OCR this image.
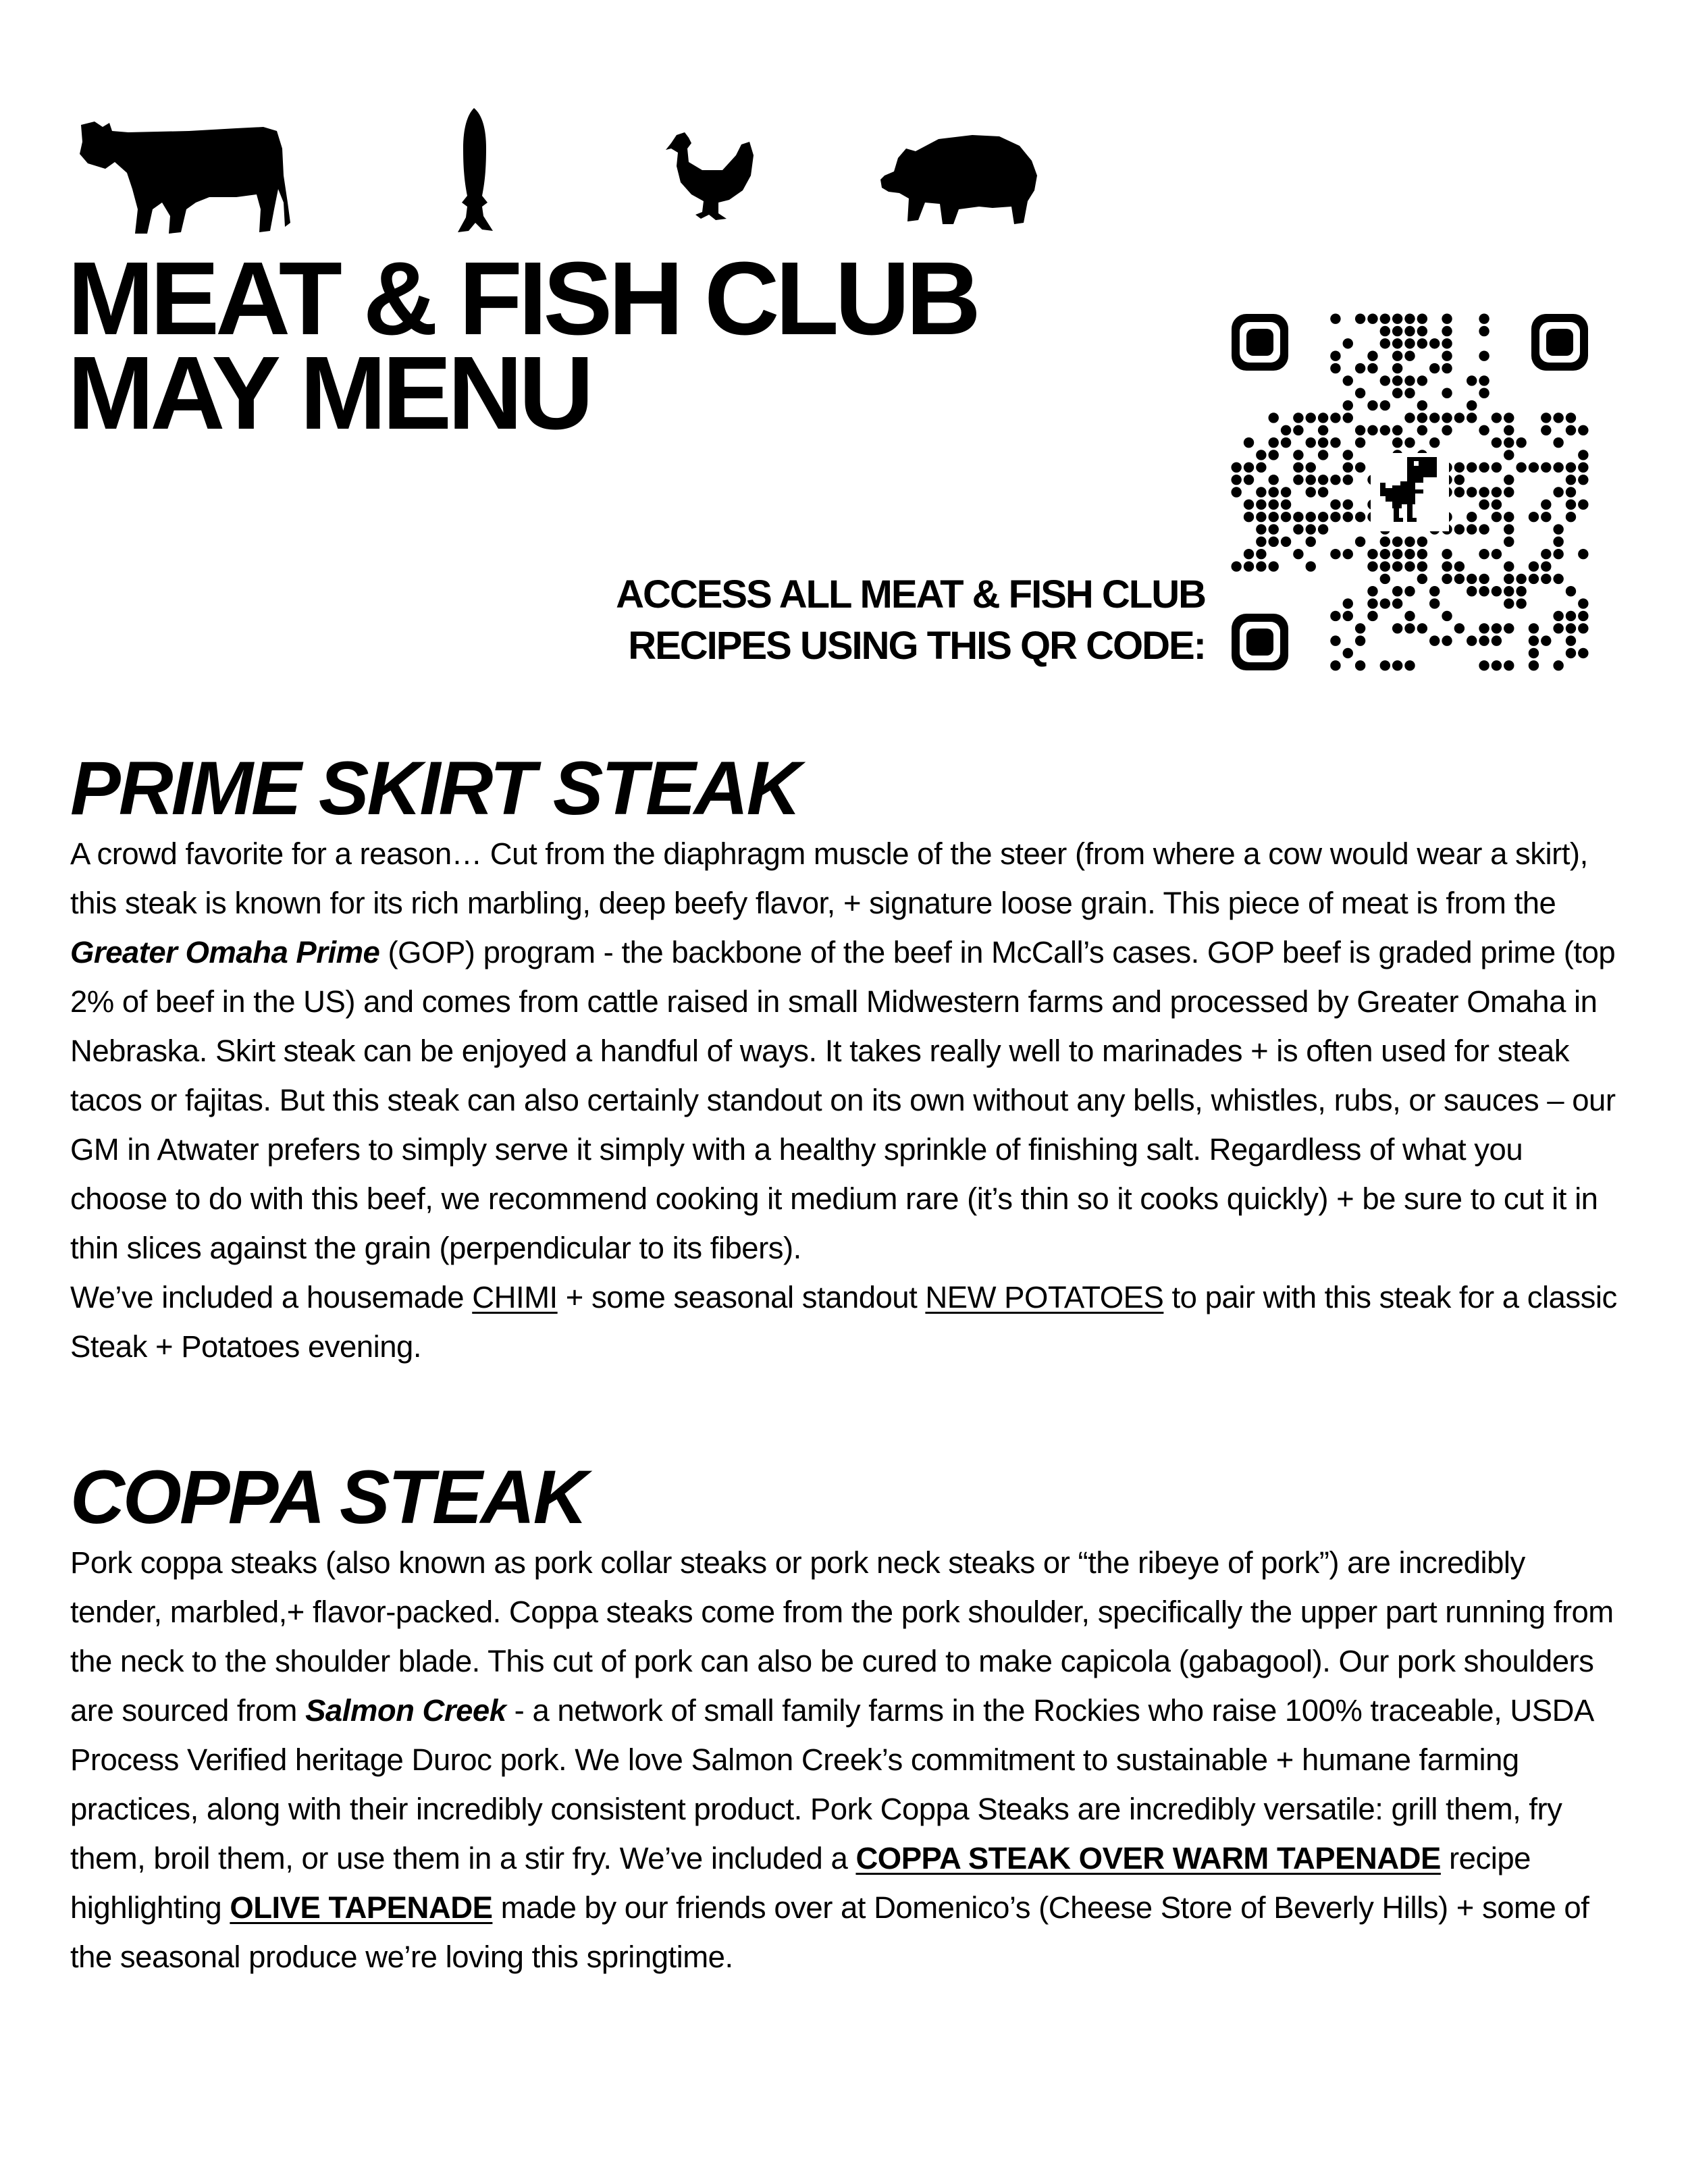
MEAT & FISH CLUB
MAY MENU
ACCESS ALL MEAT & FISH CLUB
RECIPES USING THIS QR CODE:
PRIME SKIRT STEAK

A crowd favorite for a reason… Cut from the diaphragm muscle of the steer (from where a cow would wear a skirt), this steak is known for its rich marbling, deep beefy flavor, + signature loose grain. This piece of meat is from the Greater Omaha Prime (GOP) program - the backbone of the beef in McCall’s cases. GOP beef is graded prime (top 2% of beef in the US) and comes from cattle raised in small Midwestern farms and processed by Greater Omaha in Nebraska. Skirt steak can be enjoyed a handful of ways. It takes really well to marinades + is often used for steak tacos or fajitas. But this steak can also certainly standout on its own without any bells, whistles, rubs, or sauces – our GM in Atwater prefers to simply serve it simply with a healthy sprinkle of finishing salt. Regardless of what you choose to do with this beef, we recommend cooking it medium rare (it’s thin so it cooks quickly) + be sure to cut it in thin slices against the grain (perpendicular to its fibers).
We’ve included a housemade CHIMI + some seasonal standout NEW POTATOES to pair with this steak for a classic Steak + Potatoes evening.

COPPA STEAK

Pork coppa steaks (also known as pork collar steaks or pork neck steaks or “the ribeye of pork”) are incredibly tender, marbled,+ flavor-packed. Coppa steaks come from the pork shoulder, specifically the upper part running from the neck to the shoulder blade. This cut of pork can also be cured to make capicola (gabagool). Our pork shoulders are sourced from Salmon Creek - a network of small family farms in the Rockies who raise 100% traceable, USDA Process Verified heritage Duroc pork. We love Salmon Creek’s commitment to sustainable + humane farming practices, along with their incredibly consistent product. Pork Coppa Steaks are incredibly versatile: grill them, fry them, broil them, or use them in a stir fry. We’ve included a COPPA STEAK OVER WARM TAPENADE recipe highlighting OLIVE TAPENADE made by our friends over at Domenico’s (Cheese Store of Beverly Hills) + some of the seasonal produce we’re loving this springtime.
